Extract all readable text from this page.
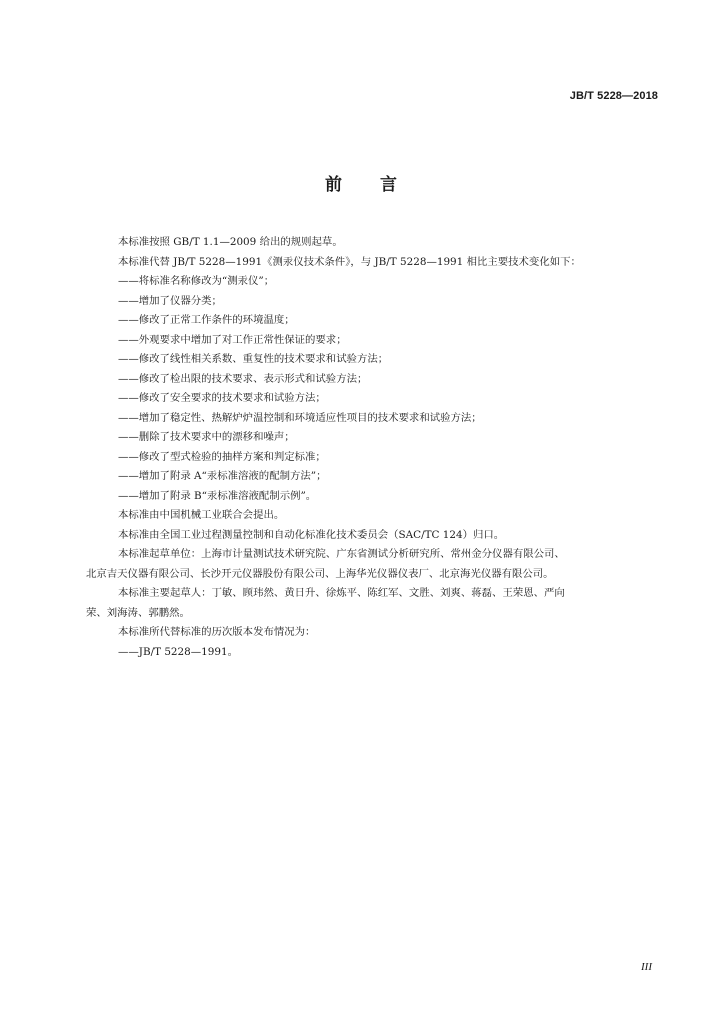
JB/T 5228—2018
前 言

本标准按照 GB/T 1.1—2009 给出的规则起草。

本标准代替 JB/T 5228—1991《测汞仪技术条件》，与 JB/T 5228—1991 相比主要技术变化如下：

——将标准名称修改为“测汞仪”；

——增加了仪器分类；

——修改了正常工作条件的环境温度；

——外观要求中增加了对工作正常性保证的要求；

——修改了线性相关系数、重复性的技术要求和试验方法；

——修改了检出限的技术要求、表示形式和试验方法；

——修改了安全要求的技术要求和试验方法；

——增加了稳定性、热解炉炉温控制和环境适应性项目的技术要求和试验方法；

——删除了技术要求中的漂移和噪声；

——修改了型式检验的抽样方案和判定标准；

——增加了附录 A“汞标准溶液的配制方法”；

——增加了附录 B“汞标准溶液配制示例”。

本标准由中国机械工业联合会提出。

本标准由全国工业过程测量控制和自动化标准化技术委员会（SAC/TC 124）归口。

本标准起草单位：上海市计量测试技术研究院、广东省测试分析研究所、常州金分仪器有限公司、

北京吉天仪器有限公司、长沙开元仪器股份有限公司、上海华光仪器仪表厂、北京海光仪器有限公司。

本标准主要起草人：丁敏、顾玮然、黄日升、徐炼平、陈红军、文胜、刘爽、蒋磊、王荣恩、严向

荣、刘海涛、郭鹏然。

本标准所代替标准的历次版本发布情况为：

——JB/T 5228—1991。

III
